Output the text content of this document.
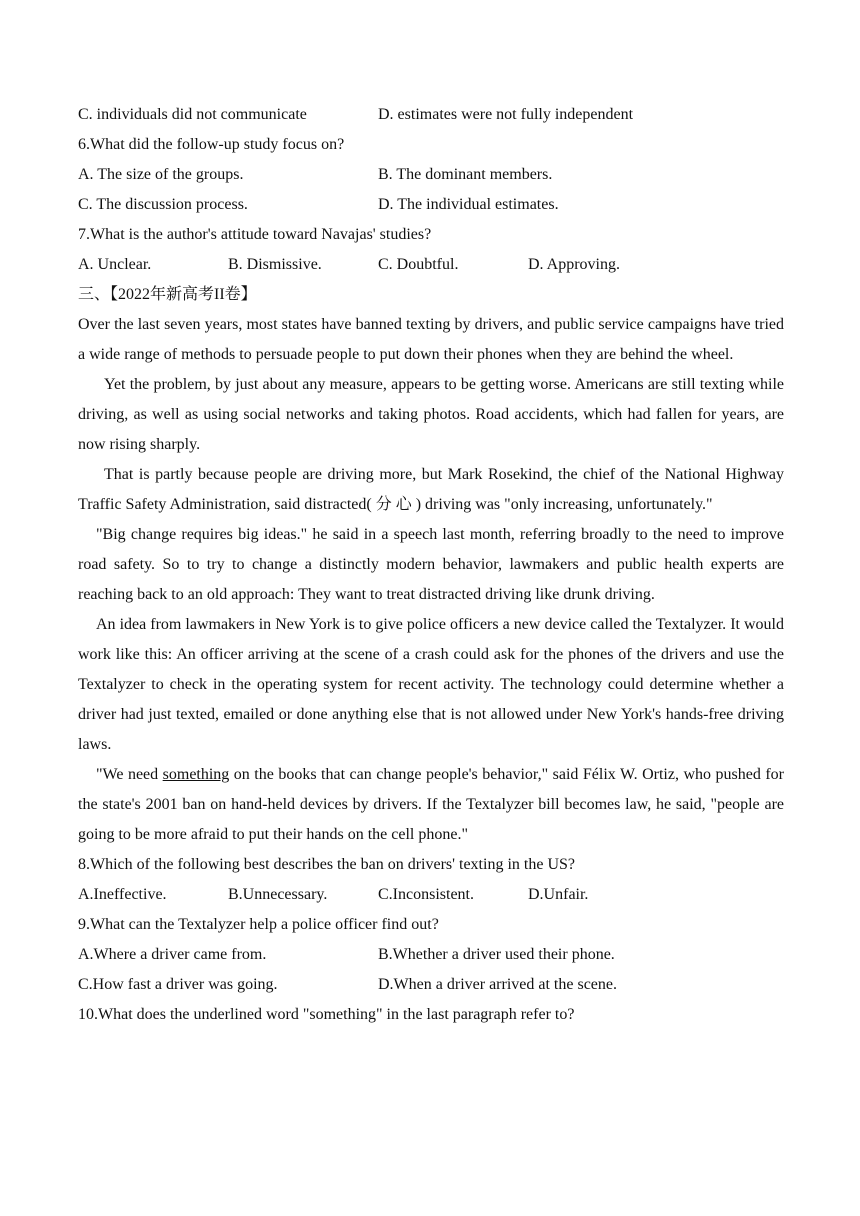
C. individuals did not communicate	D. estimates were not fully independent
6.What did the follow-up study focus on?
A. The size of the groups.	B. The dominant members.
C. The discussion process.	D. The individual estimates.
7.What is the author's attitude toward Navajas' studies?
A. Unclear.	B. Dismissive.	C. Doubtful.	D. Approving.
三、【2022年新高考II卷】
Over the last seven years, most states have banned texting by drivers, and public service campaigns have tried a wide range of methods to persuade people to put down their phones when they are behind the wheel.
Yet the problem, by just about any measure, appears to be getting worse. Americans are still texting while driving, as well as using social networks and taking photos. Road accidents, which had fallen for years, are now rising sharply.
That is partly because people are driving more, but Mark Rosekind, the chief of the National Highway Traffic Safety Administration, said distracted( 分 心 ) driving was "only increasing, unfortunately."
"Big change requires big ideas." he said in a speech last month, referring broadly to the need to improve road safety. So to try to change a distinctly modern behavior, lawmakers and public health experts are reaching back to an old approach: They want to treat distracted driving like drunk driving.
An idea from lawmakers in New York is to give police officers a new device called the Textalyzer. It would work like this: An officer arriving at the scene of a crash could ask for the phones of the drivers and use the Textalyzer to check in the operating system for recent activity. The technology could determine whether a driver had just texted, emailed or done anything else that is not allowed under New York's hands-free driving laws.
"We need something on the books that can change people's behavior," said Félix W. Ortiz, who pushed for the state's 2001 ban on hand-held devices by drivers. If the Textalyzer bill becomes law, he said, "people are going to be more afraid to put their hands on the cell phone."
8.Which of the following best describes the ban on drivers' texting in the US?
A.Ineffective.	B.Unnecessary.	C.Inconsistent.	D.Unfair.
9.What can the Textalyzer help a police officer find out?
A.Where a driver came from.	B.Whether a driver used their phone.
C.How fast a driver was going.	D.When a driver arrived at the scene.
10.What does the underlined word "something" in the last paragraph refer to?
